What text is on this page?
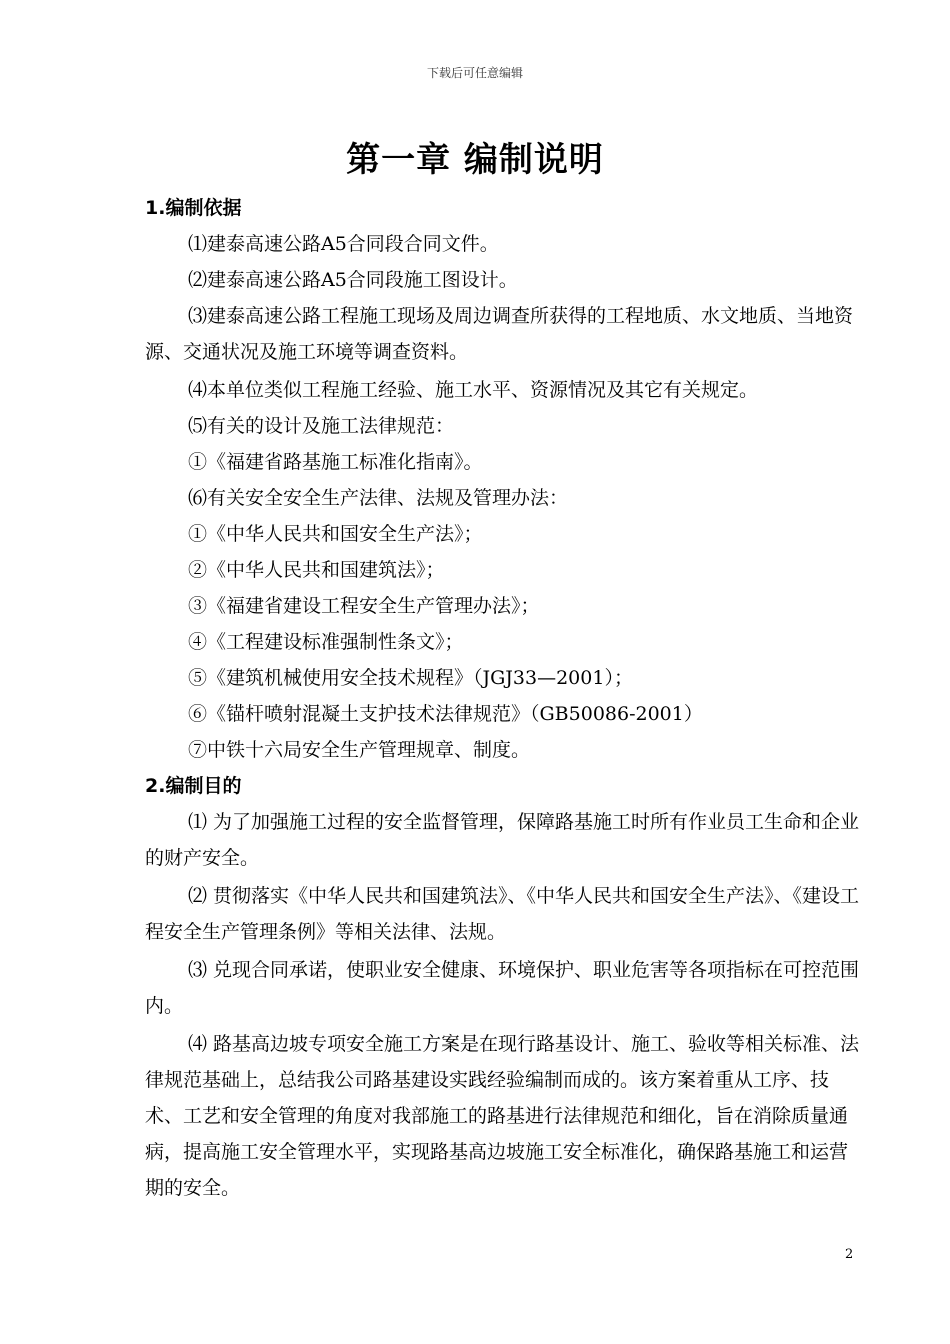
下载后可任意编辑
第一章 编制说明
1.编制依据
⑴建泰高速公路A5合同段合同文件。
⑵建泰高速公路A5合同段施工图设计。
⑶建泰高速公路工程施工现场及周边调查所获得的工程地质、水文地质、当地资源、交通状况及施工环境等调查资料。
⑷本单位类似工程施工经验、施工水平、资源情况及其它有关规定。
⑸有关的设计及施工法律规范：
①《福建省路基施工标准化指南》。
⑹有关安全安全生产法律、法规及管理办法：
①《中华人民共和国安全生产法》；
②《中华人民共和国建筑法》；
③《福建省建设工程安全生产管理办法》；
④《工程建设标准强制性条文》；
⑤《建筑机械使用安全技术规程》（JGJ33—2001）；
⑥《锚杆喷射混凝土支护技术法律规范》（GB50086-2001）
⑦中铁十六局安全生产管理规章、制度。
2.编制目的
⑴ 为了加强施工过程的安全监督管理，保障路基施工时所有作业员工生命和企业的财产安全。
⑵ 贯彻落实《中华人民共和国建筑法》、《中华人民共和国安全生产法》、《建设工程安全生产管理条例》等相关法律、法规。
⑶ 兑现合同承诺，使职业安全健康、环境保护、职业危害等各项指标在可控范围内。
⑷ 路基高边坡专项安全施工方案是在现行路基设计、施工、验收等相关标准、法律规范基础上，总结我公司路基建设实践经验编制而成的。该方案着重从工序、技术、工艺和安全管理的角度对我部施工的路基进行法律规范和细化，旨在消除质量通病，提高施工安全管理水平，实现路基高边坡施工安全标准化，确保路基施工和运营期的安全。
2
